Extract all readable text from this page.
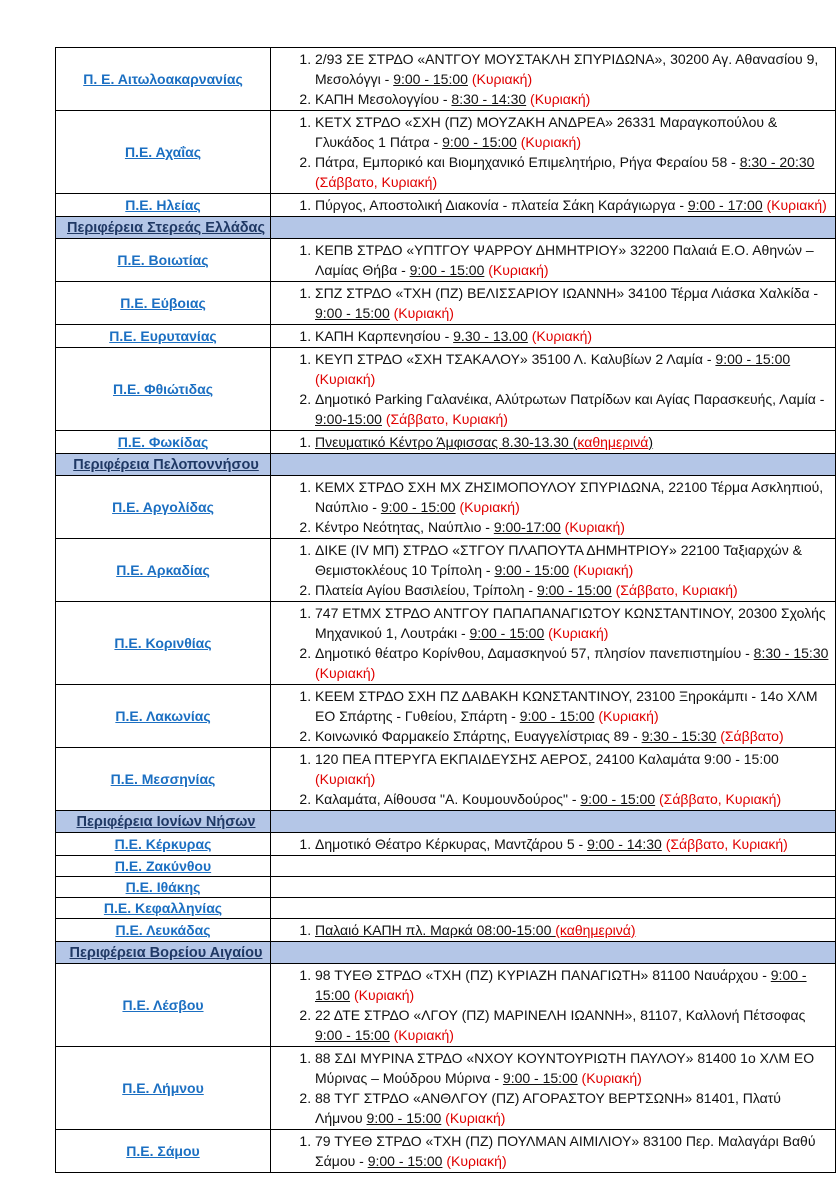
Π. Ε. Αιτωλοακαρνανίας	
1. 2/93 ΣΕ ΣΤΡΔΟ «ΑΝΤΓΟΥ ΜΟΥΣΤΑΚΛΗ ΣΠΥΡΙΔΩΝΑ», 30200 Αγ. Αθανασίου 9, Μεσολόγγι - 9:00 - 15:00 (Κυριακή)
2. ΚΑΠΗ Μεσολογγίου - 8:30 - 14:30 (Κυριακή)

Π.Ε. Αχαΐας	
1. ΚΕΤΧ ΣΤΡΔΟ «ΣΧΗ (ΠΖ) ΜΟΥΖΑΚΗ ΑΝΔΡΕΑ» 26331 Μαραγκοπούλου & Γλυκάδος 1 Πάτρα - 9:00 - 15:00 (Κυριακή)
2. Πάτρα, Εμπορικό και Βιομηχανικό Επιμελητήριο, Ρήγα Φεραίου 58 - 8:30 - 20:30 (Σάββατο, Κυριακή)

Π.Ε. Ηλείας	
1.Πύργος, Αποστολική Διακονία - πλατεία Σάκη Καράγιωργα - 9:00 - 17:00 (Κυριακή)

Περιφέρεια Στερεάς Ελλάδας	
Π.Ε. Βοιωτίας	
1. ΚΕΠΒ ΣΤΡΔΟ «ΥΠΤΓΟΥ ΨΑΡΡΟΥ ΔΗΜΗΤΡΙΟΥ» 32200 Παλαιά Ε.Ο. Αθηνών – Λαμίας Θήβα - 9:00 - 15:00 (Κυριακή)

Π.Ε. Εύβοιας	
1. ΣΠΖ ΣΤΡΔΟ «ΤΧΗ (ΠΖ) ΒΕΛΙΣΣΑΡΙΟΥ ΙΩΑΝΝΗ» 34100 Τέρμα Λιάσκα Χαλκίδα - 9:00 - 15:00 (Κυριακή)

Π.Ε. Ευρυτανίας	
1.ΚΑΠΗ Καρπενησίου - 9.30 - 13.00 (Κυριακή)

Π.Ε. Φθιώτιδας	
1. ΚΕΥΠ ΣΤΡΔΟ «ΣΧΗ ΤΣΑΚΑΛΟΥ» 35100 Λ. Καλυβίων 2 Λαμία - 9:00 - 15:00 (Κυριακή)
2. Δημοτικό Parking Γαλανέικα, Αλύτρωτων Πατρίδων και Αγίας Παρασκευής, Λαμία - 9:00-15:00 (Σάββατο, Κυριακή)

Π.Ε. Φωκίδας	
1.Πνευματικό Κέντρο Άμφισσας 8.30-13.30 (καθημερινά)

Περιφέρεια Πελοποννήσου	
Π.Ε. Αργολίδας	
1. ΚΕΜΧ ΣΤΡΔΟ ΣΧΗ ΜΧ ΖΗΣΙΜΟΠΟΥΛΟΥ ΣΠΥΡΙΔΩΝΑ, 22100 Τέρμα Ασκληπιού, Ναύπλιο - 9:00 - 15:00 (Κυριακή)
2. Κέντρο Νεότητας, Ναύπλιο - 9:00-17:00 (Κυριακή)

Π.Ε. Αρκαδίας	
1. ΔΙΚΕ (ΙV ΜΠ) ΣΤΡΔΟ «ΣΤΓΟΥ ΠΛΑΠΟΥΤΑ ΔΗΜΗΤΡΙΟΥ» 22100 Ταξιαρχών & Θεμιστοκλέους 10 Τρίπολη - 9:00 - 15:00 (Κυριακή)
2. Πλατεία Αγίου Βασιλείου, Τρίπολη - 9:00 - 15:00 (Σάββατο, Κυριακή)

Π.Ε. Κορινθίας	
1. 747 ΕΤΜΧ ΣΤΡΔΟ ΑΝΤΓΟΥ ΠΑΠΑΠΑΝΑΓΙΩΤΟΥ ΚΩΝΣΤΑΝΤΙΝΟΥ, 20300 Σχολής Μηχανικού 1, Λουτράκι - 9:00 - 15:00 (Κυριακή)
2. Δημοτικό θέατρο Κορίνθου, Δαμασκηνού 57, πλησίον πανεπιστημίου - 8:30 - 15:30 (Κυριακή)

Π.Ε. Λακωνίας	
1. ΚΕΕΜ ΣΤΡΔΟ ΣΧΗ ΠΖ ΔΑΒΑΚΗ ΚΩΝΣΤΑΝΤΙΝΟΥ, 23100 Ξηροκάμπι - 14ο ΧΛΜ ΕΟ Σπάρτης - Γυθείου, Σπάρτη - 9:00 - 15:00 (Κυριακή)
2. Κοινωνικό Φαρμακείο Σπάρτης, Ευαγγελίστριας 89 - 9:30 - 15:30 (Σάββατο)

Π.Ε. Μεσσηνίας	
1. 120 ΠΕΑ ΠΤΕΡΥΓΑ ΕΚΠΑΙΔΕΥΣΗΣ ΑΕΡΟΣ, 24100 Καλαμάτα 9:00 - 15:00 (Κυριακή)
2. Καλαμάτα, Αίθουσα "Α. Κουμουνδούρος" - 9:00 - 15:00 (Σάββατο, Κυριακή)

Περιφέρεια Ιονίων Νήσων	
Π.Ε. Κέρκυρας	
1.Δημοτικό Θέατρο Κέρκυρας, Μαντζάρου 5 - 9:00 - 14:30 (Σάββατο, Κυριακή)

Π.Ε. Ζακύνθου	
Π.Ε. Ιθάκης	
Π.Ε. Κεφαλληνίας	
Π.Ε. Λευκάδας	
1.Παλαιό ΚΑΠΗ πλ. Μαρκά 08:00-15:00 (καθημερινά)

Περιφέρεια Βορείου Αιγαίου	
Π.Ε. Λέσβου	
1. 98 ΤΥΕΘ ΣΤΡΔΟ «ΤΧΗ (ΠΖ) ΚΥΡΙΑΖΗ ΠΑΝΑΓΙΩΤΗ» 81100 Ναυάρχου - 9:00 - 15:00 (Κυριακή)
2. 22 ΔΤΕ ΣΤΡΔΟ «ΛΓΟΥ (ΠΖ) ΜΑΡΙΝΕΛΗ ΙΩΑΝΝΗ», 81107, Καλλονή Πέτσοφας 9:00 - 15:00 (Κυριακή)

Π.Ε. Λήμνου	
1. 88 ΣΔΙ ΜΥΡΙΝΑ ΣΤΡΔΟ «ΝΧΟΥ ΚΟΥΝΤΟΥΡΙΩΤΗ ΠΑΥΛΟΥ» 81400 1ο ΧΛΜ ΕΟ Μύρινας – Μούδρου Μύρινα - 9:00 - 15:00 (Κυριακή)
2. 88 ΤΥΓ ΣΤΡΔΟ «ΑΝΘΛΓΟΥ (ΠΖ) ΑΓΟΡΑΣΤΟΥ ΒΕΡΤΣΩΝΗ» 81401, Πλατύ Λήμνου 9:00 - 15:00 (Κυριακή)

Π.Ε. Σάμου	
1. 79 ΤΥΕΘ ΣΤΡΔΟ «ΤΧΗ (ΠΖ) ΠΟΥΛΜΑΝ ΑΙΜΙΛΙΟΥ» 83100 Περ. Μαλαγάρι Βαθύ Σάμου - 9:00 - 15:00 (Κυριακή)
